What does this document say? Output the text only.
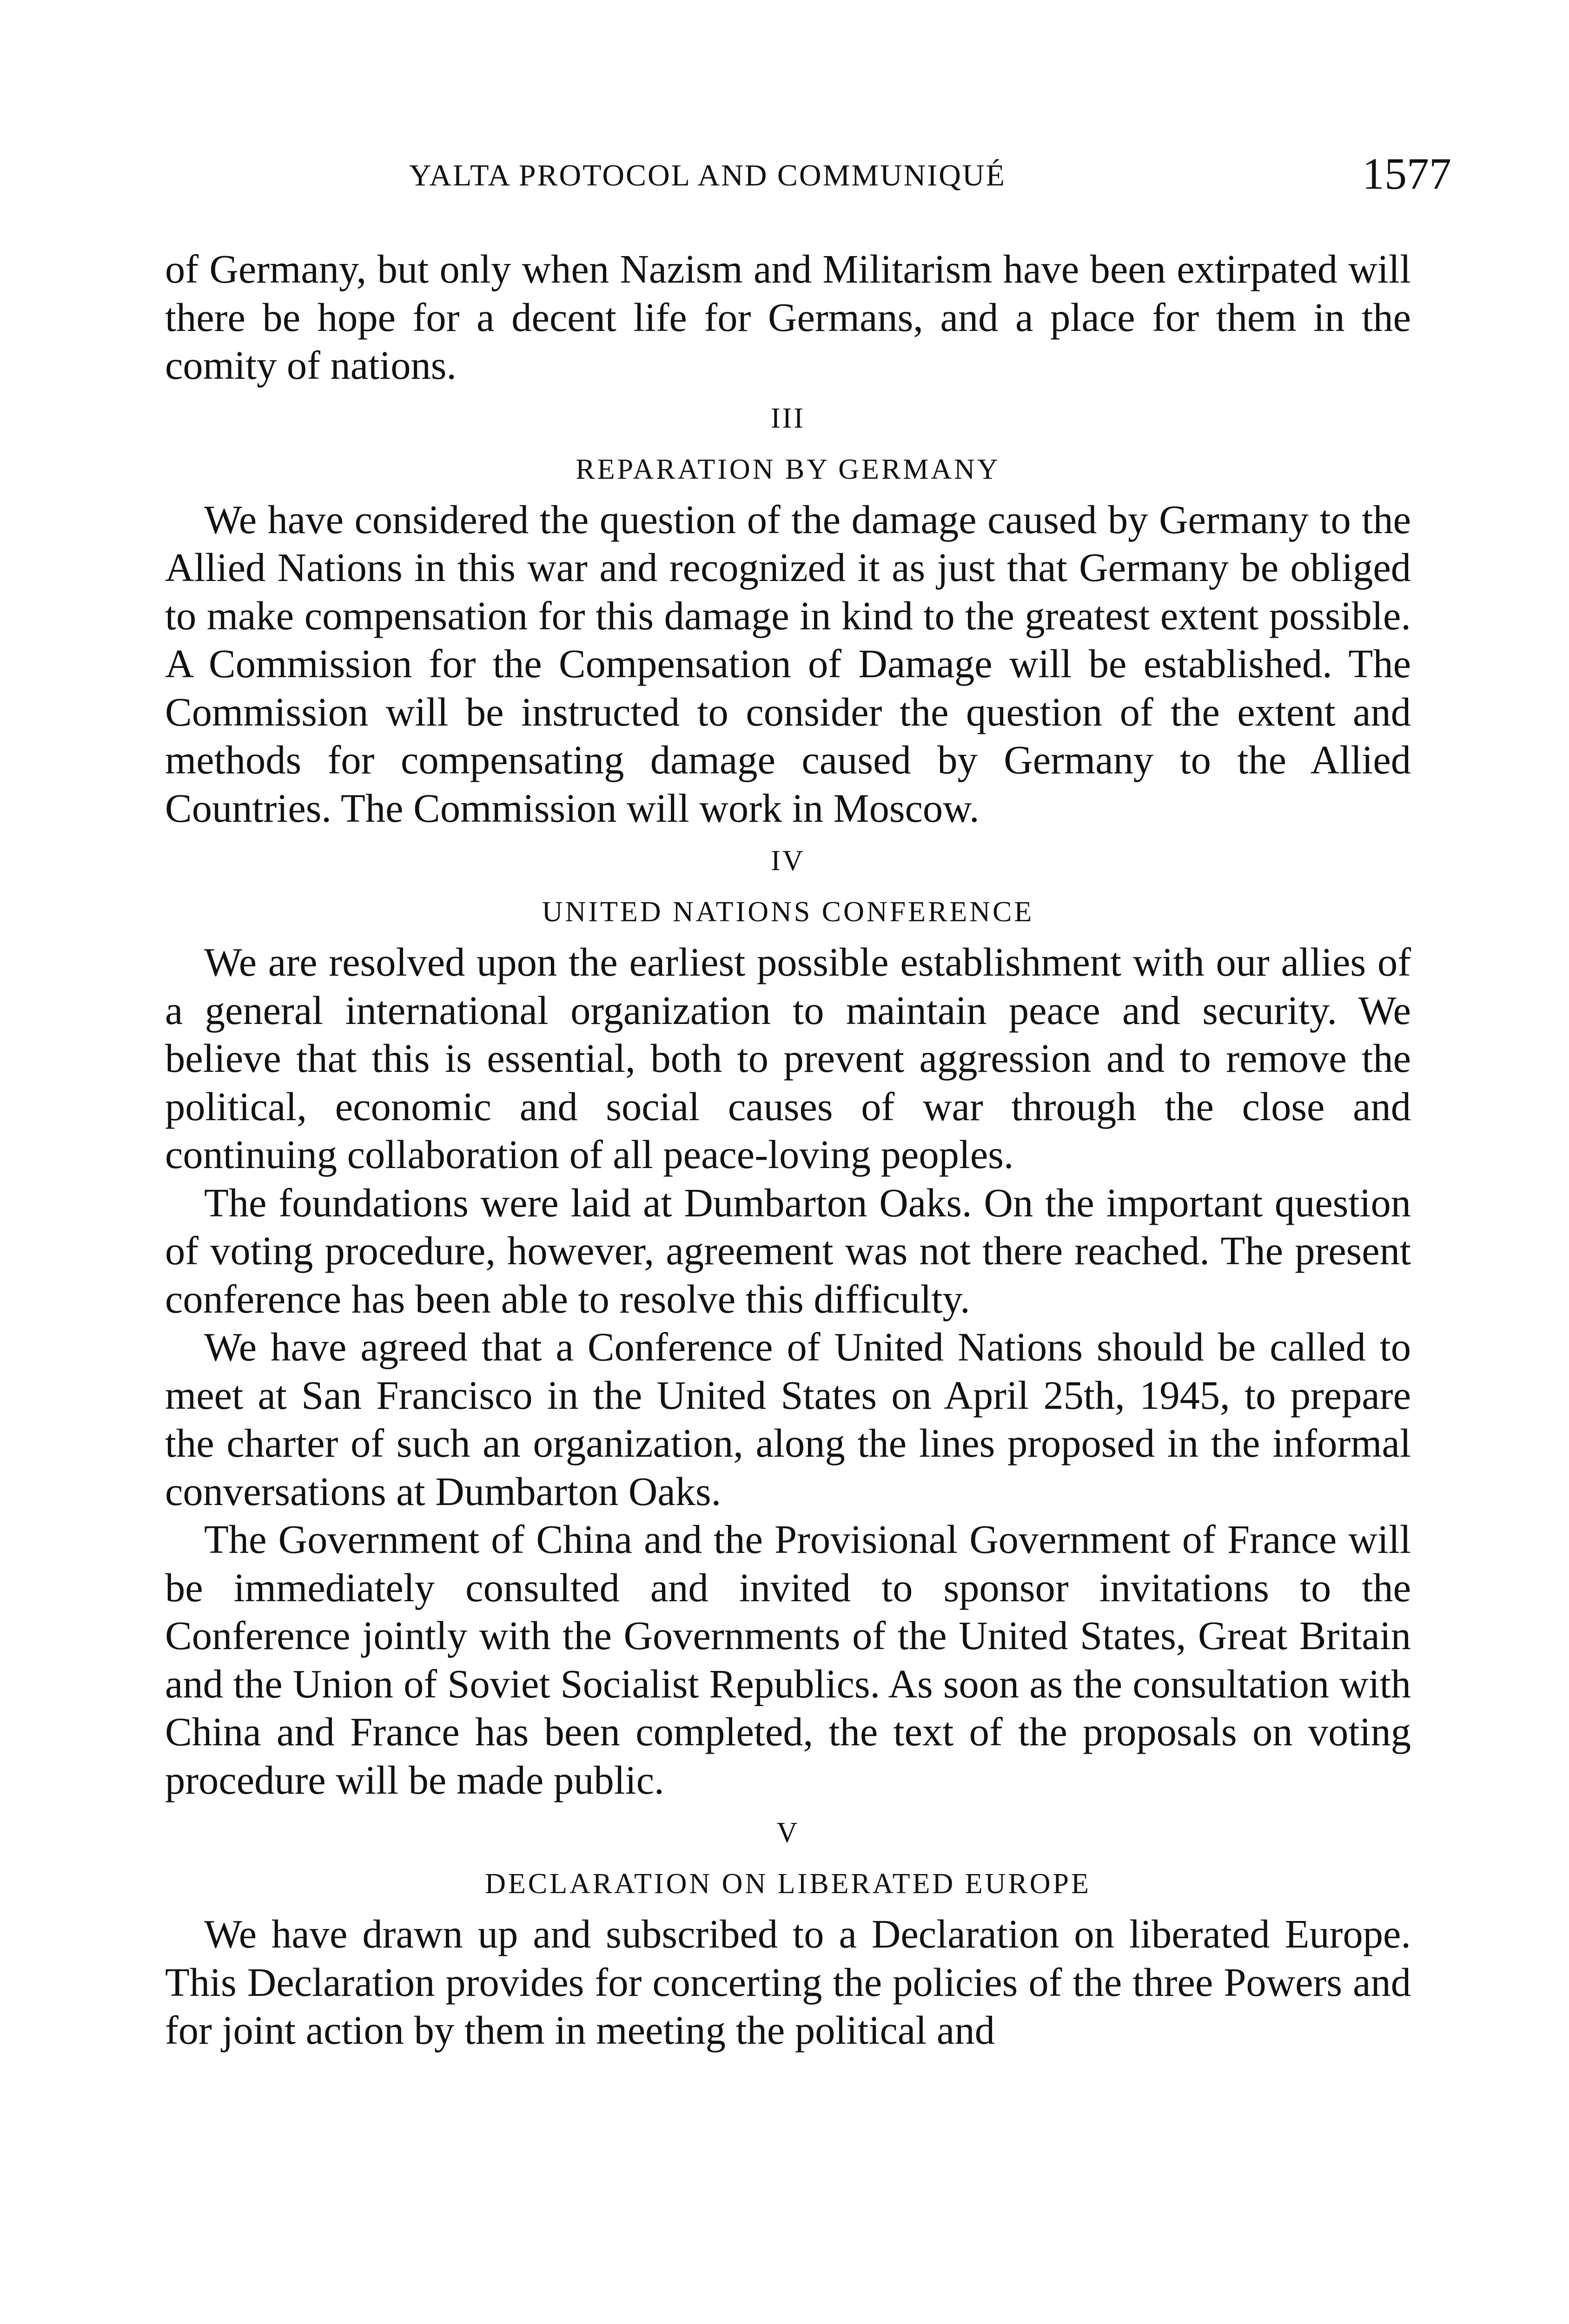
YALTA PROTOCOL AND COMMUNIQUÉ	1577

of Germany, but only when Nazism and Militarism have been extirpated will there be hope for a decent life for Germans, and a place for them in the comity of nations.

III
REPARATION BY GERMANY

We have considered the question of the damage caused by Germany to the Allied Nations in this war and recognized it as just that Germany be obliged to make compensation for this damage in kind to the greatest extent possible. A Commission for the Compensation of Damage will be established. The Commission will be instructed to consider the question of the extent and methods for compensating damage caused by Germany to the Allied Countries. The Commission will work in Moscow.

IV
UNITED NATIONS CONFERENCE

We are resolved upon the earliest possible establishment with our allies of a general international organization to maintain peace and security. We believe that this is essential, both to prevent aggression and to remove the political, economic and social causes of war through the close and continuing collaboration of all peace-loving peoples.

The foundations were laid at Dumbarton Oaks. On the important question of voting procedure, however, agreement was not there reached. The present conference has been able to resolve this difficulty.

We have agreed that a Conference of United Nations should be called to meet at San Francisco in the United States on April 25th, 1945, to prepare the charter of such an organization, along the lines proposed in the informal conversations at Dumbarton Oaks.

The Government of China and the Provisional Government of France will be immediately consulted and invited to sponsor invitations to the Conference jointly with the Governments of the United States, Great Britain and the Union of Soviet Socialist Republics. As soon as the consultation with China and France has been completed, the text of the proposals on voting procedure will be made public.

V
DECLARATION ON LIBERATED EUROPE

We have drawn up and subscribed to a Declaration on liberated Europe. This Declaration provides for concerting the policies of the three Powers and for joint action by them in meeting the political and
